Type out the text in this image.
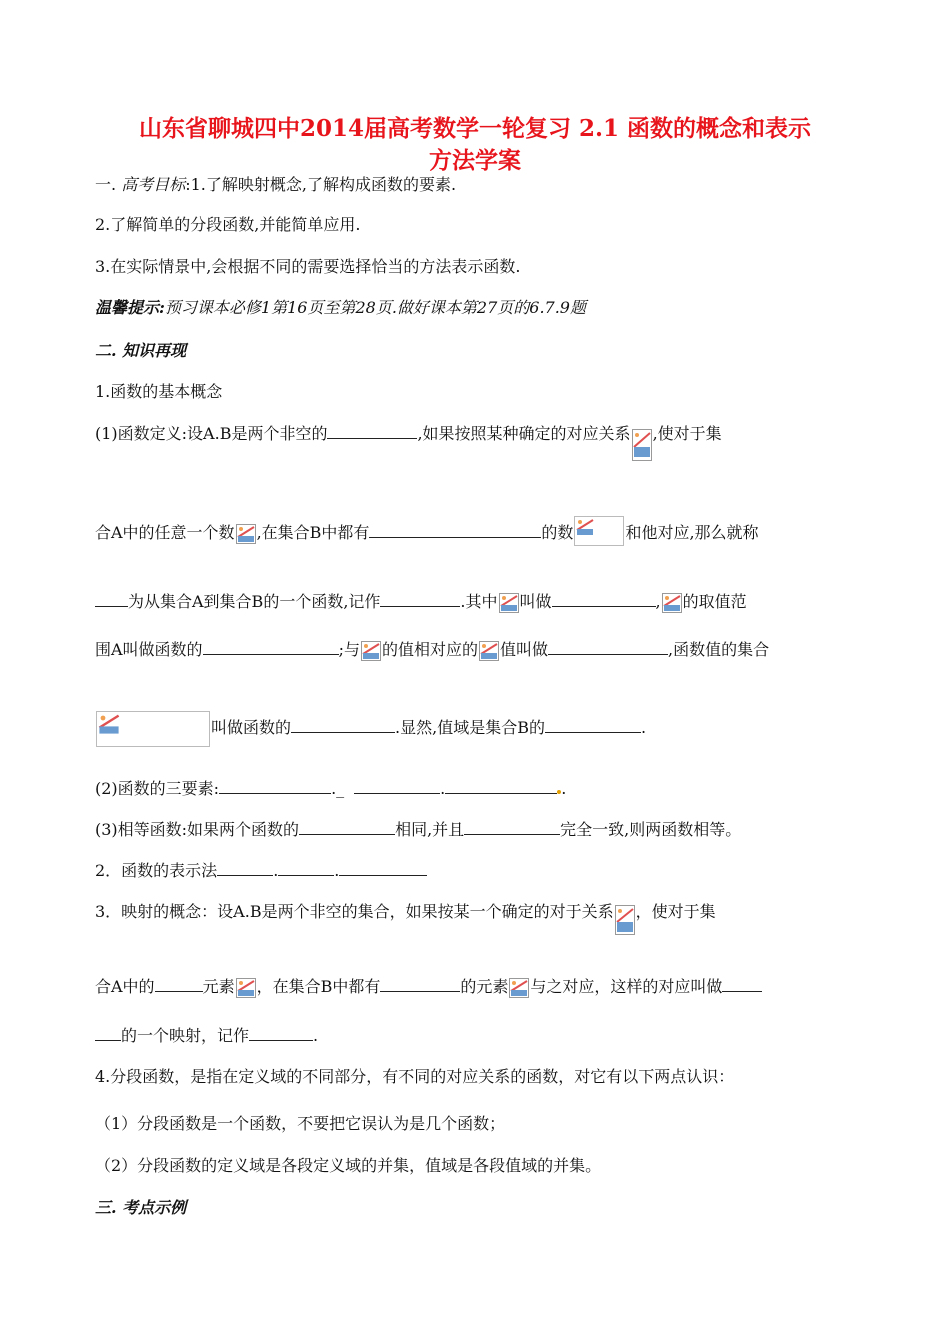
山东省聊城四中2014届高考数学一轮复习 2.1 函数的概念和表示
方法学案
一. 高考目标:1.了解映射概念,了解构成函数的要素.
2.了解简单的分段函数,并能简单应用.
3.在实际情景中,会根据不同的需要选择恰当的方法表示函数.
温馨提示:预习课本必修1第16页至第28页.做好课本第27页的6.7.9题
二. 知识再现
1.函数的基本概念
(1)函数定义:设A.B是两个非空的	,如果按照某种确定的对应关系 ,使对于集
合A中的任意一个数 ,在集合B中都有	的数	和他对应,那么就称
为从集合A到集合B的一个函数,记作	.其中 叫做	, 的取值范
围A叫做函数的	;与 的值相对应的 值叫做	,函数值的集合
叫做函数的	.显然,值域是集合B的	.
(2)函数的三要素:	._	.	.
(3)相等函数:如果两个函数的	相同,并且	完全一致,则两函数相等。
2．函数的表示法	.	.
3．映射的概念：设A.B是两个非空的集合，如果按某一个确定的对于关系 ，使对于集
合A中的	元素 ，在集合B中都有	的元素 与之对应，这样的对应叫做
的一个映射，记作	.
4.分段函数，是指在定义域的不同部分，有不同的对应关系的函数，对它有以下两点认识：
（1）分段函数是一个函数，不要把它误认为是几个函数；
（2）分段函数的定义域是各段定义域的并集，值域是各段值域的并集。
三. 考点示例
